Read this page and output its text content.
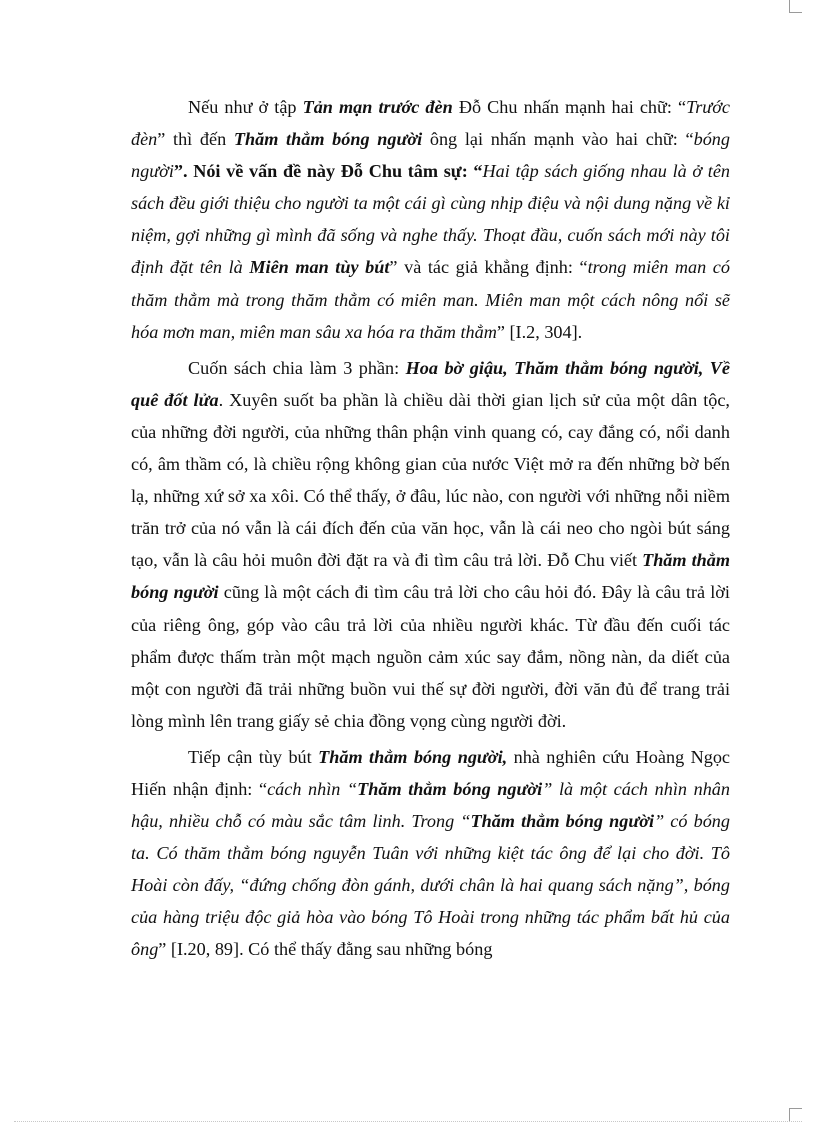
Nếu như ở tập Tản mạn trước đèn Đỗ Chu nhấn mạnh hai chữ: “Trước đèn” thì đến Thăm thẳm bóng người ông lại nhấn mạnh vào hai chữ: “bóng người”. Nói về vấn đề này Đỗ Chu tâm sự: “Hai tập sách giống nhau là ở tên sách đều giới thiệu cho người ta một cái gì cùng nhịp điệu và nội dung nặng về kỉ niệm, gợi những gì mình đã sống và nghe thấy. Thoạt đầu, cuốn sách mới này tôi định đặt tên là Miên man tùy bút” và tác giả khẳng định: “trong miên man có thăm thẳm mà trong thăm thẳm có miên man. Miên man một cách nông nổi sẽ hóa mơn man, miên man sâu xa hóa ra thăm thẳm” [I.2, 304].

Cuốn sách chia làm 3 phần: Hoa bờ giậu, Thăm thẳm bóng người, Về quê đốt lửa. Xuyên suốt ba phần là chiều dài thời gian lịch sử của một dân tộc, của những đời người, của những thân phận vinh quang có, cay đắng có, nổi danh có, âm thầm có, là chiều rộng không gian của nước Việt mở ra đến những bờ bến lạ, những xứ sở xa xôi. Có thể thấy, ở đâu, lúc nào, con người với những nỗi niềm trăn trở của nó vẫn là cái đích đến của văn học, vẫn là cái neo cho ngòi bút sáng tạo, vẫn là câu hỏi muôn đời đặt ra và đi tìm câu trả lời. Đỗ Chu viết Thăm thẳm bóng người cũng là một cách đi tìm câu trả lời cho câu hỏi đó. Đây là câu trả lời của riêng ông, góp vào câu trả lời của nhiều người khác. Từ đầu đến cuối tác phẩm được thấm tràn một mạch nguồn cảm xúc say đắm, nồng nàn, da diết của một con người đã trải những buồn vui thế sự đời người, đời văn đủ để trang trải lòng mình lên trang giấy sẻ chia đồng vọng cùng người đời.

Tiếp cận tùy bút Thăm thẳm bóng người, nhà nghiên cứu Hoàng Ngọc Hiến nhận định: “cách nhìn “Thăm thẳm bóng người” là một cách nhìn nhân hậu, nhiều chỗ có màu sắc tâm linh. Trong “Thăm thẳm bóng người” có bóng ta. Có thăm thẳm bóng nguyễn Tuân với những kiệt tác ông để lại cho đời. Tô Hoài còn đấy, “đứng chống đòn gánh, dưới chân là hai quang sách nặng”, bóng của hàng triệu độc giả hòa vào bóng Tô Hoài trong những tác phẩm bất hủ của ông” [I.20, 89]. Có thể thấy đằng sau những bóng
